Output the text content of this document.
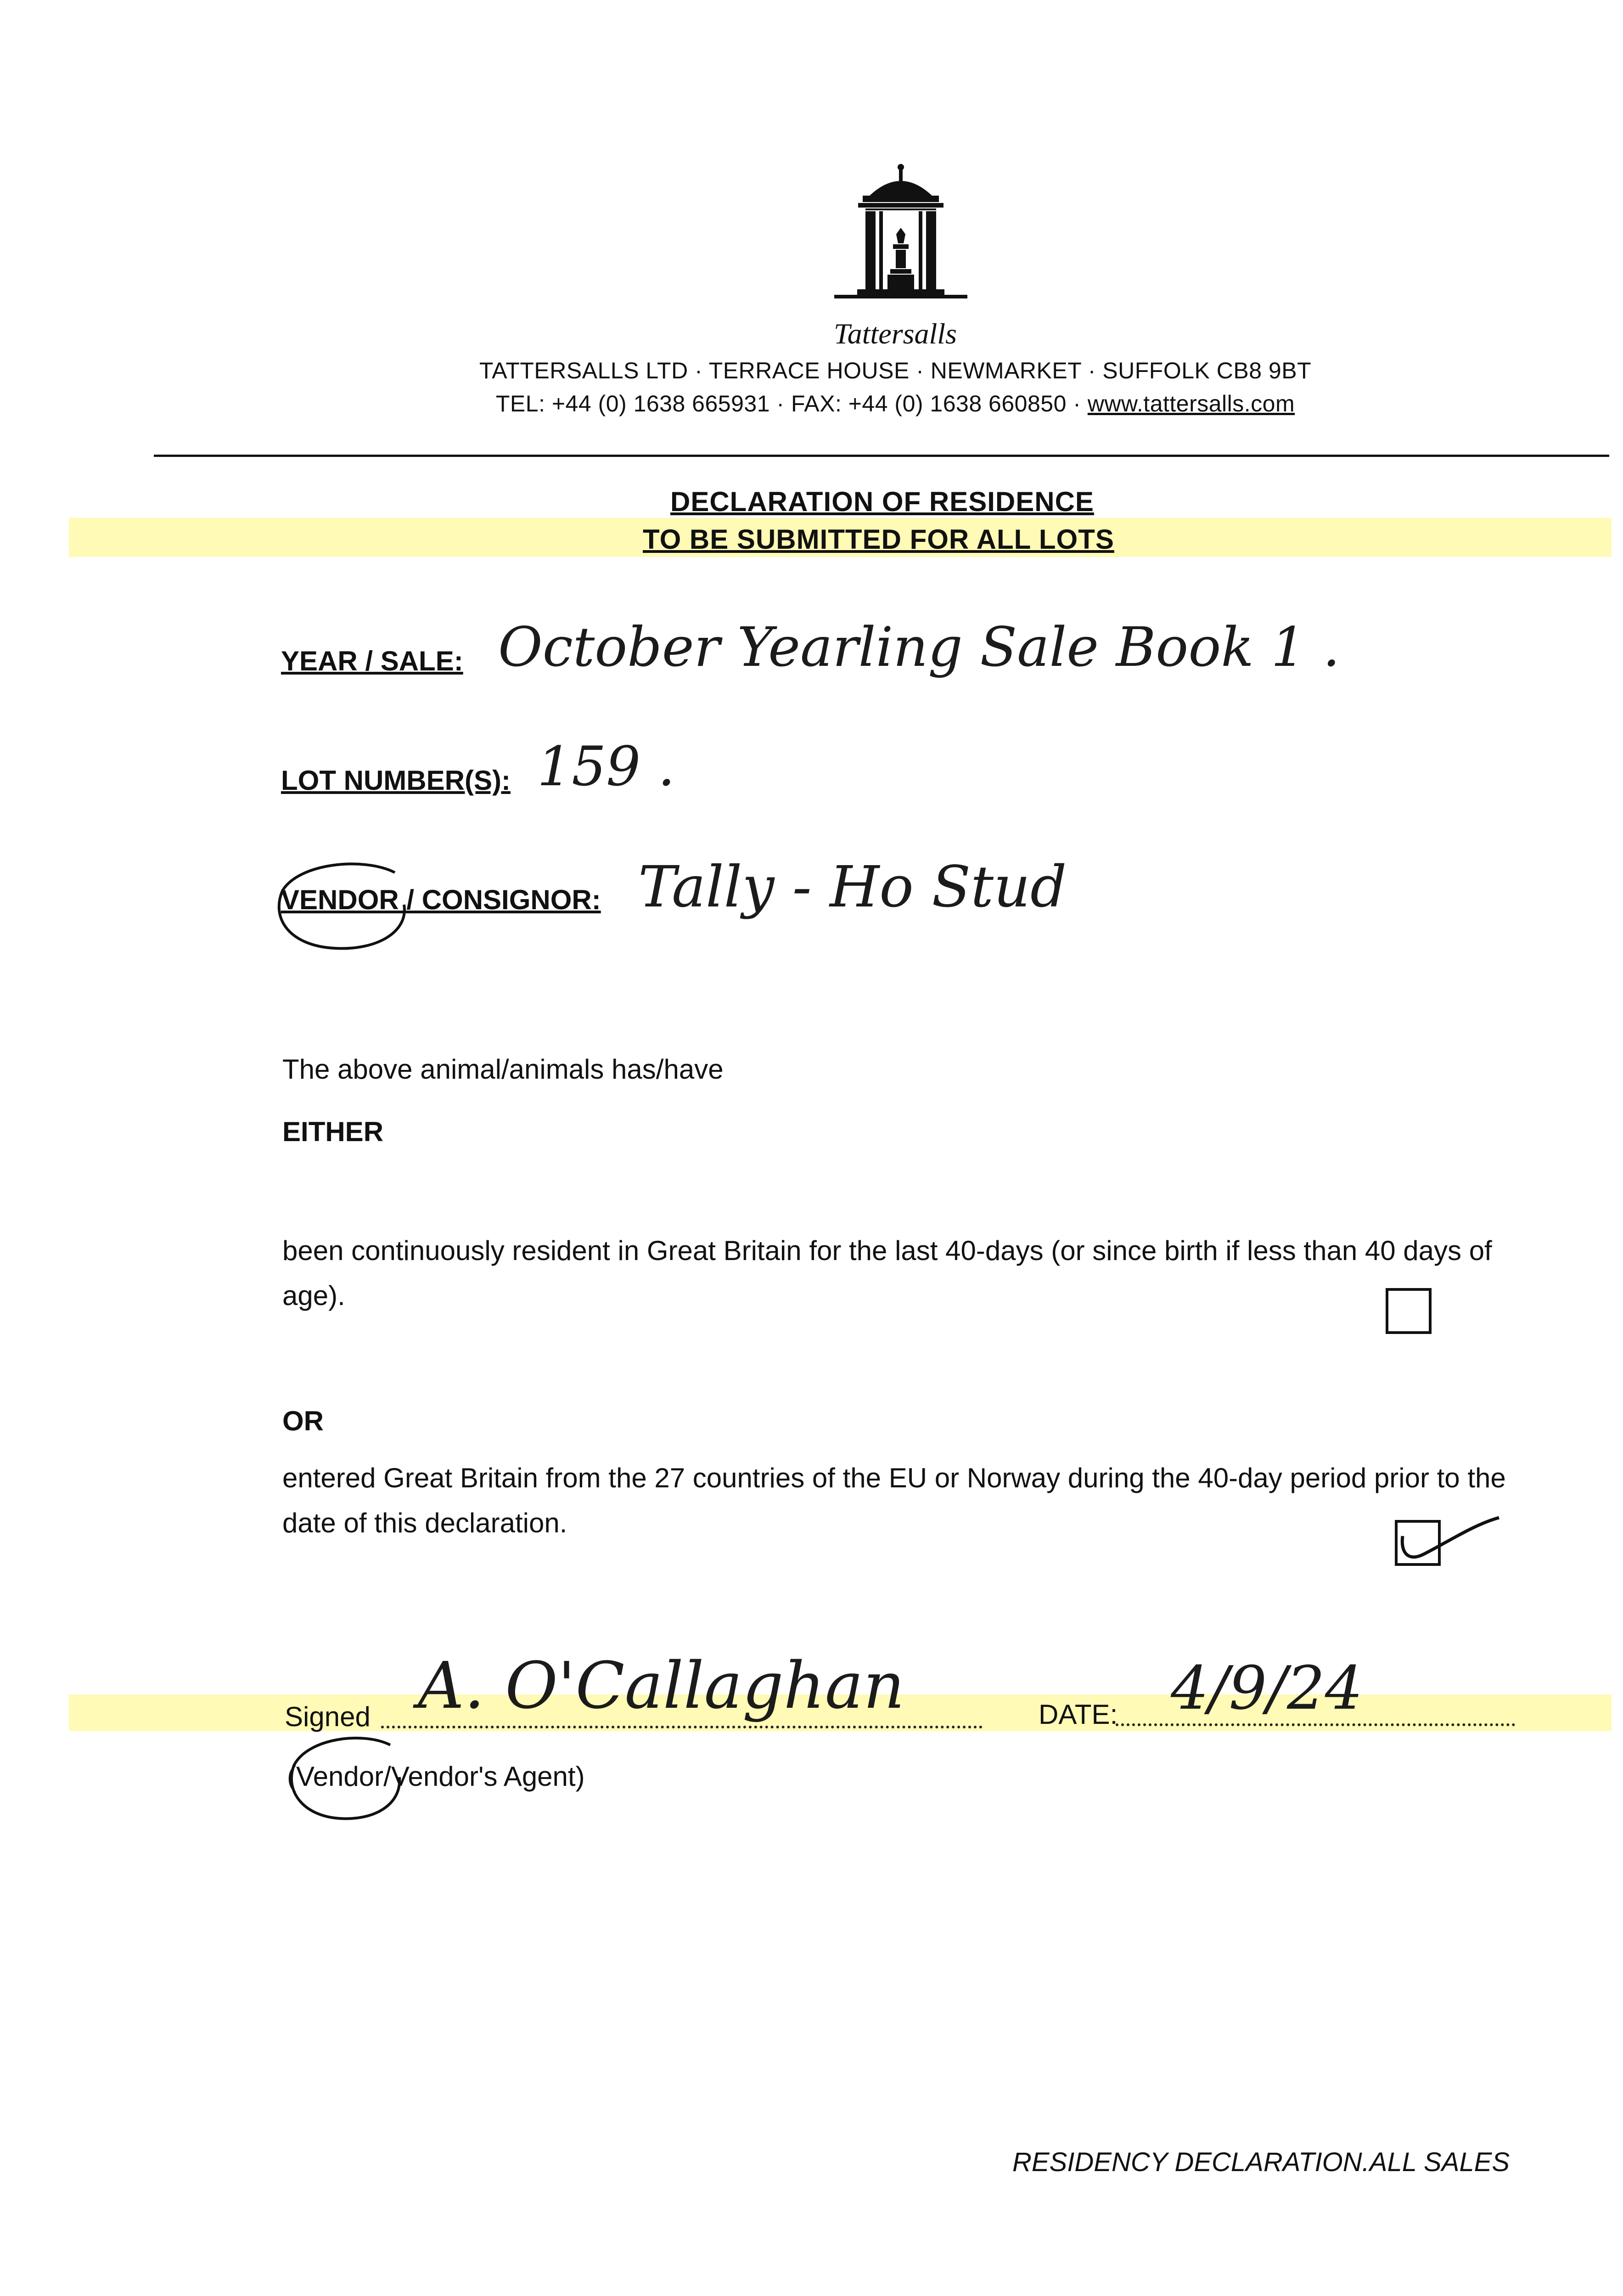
Tattersalls
TATTERSALLS LTD · TERRACE HOUSE · NEWMARKET · SUFFOLK CB8 9BT
TEL: +44 (0) 1638 665931 · FAX: +44 (0) 1638 660850 · www.tattersalls.com
DECLARATION OF RESIDENCE
TO BE SUBMITTED FOR ALL LOTS
YEAR / SALE: October Yearling Sale Book 1 .
LOT NUMBER(S): 159 .
VENDOR / CONSIGNOR: Tally - Ho Stud
The above animal/animals has/have
EITHER
been continuously resident in Great Britain for the last 40-days (or since birth if less than 40 days of age).
OR
entered Great Britain from the 27 countries of the EU or Norway during the 40-day period prior to the date of this declaration.
Signed A. O'Callaghan	DATE: 4/9/24
(Vendor/Vendor's Agent)
RESIDENCY DECLARATION.ALL SALES
